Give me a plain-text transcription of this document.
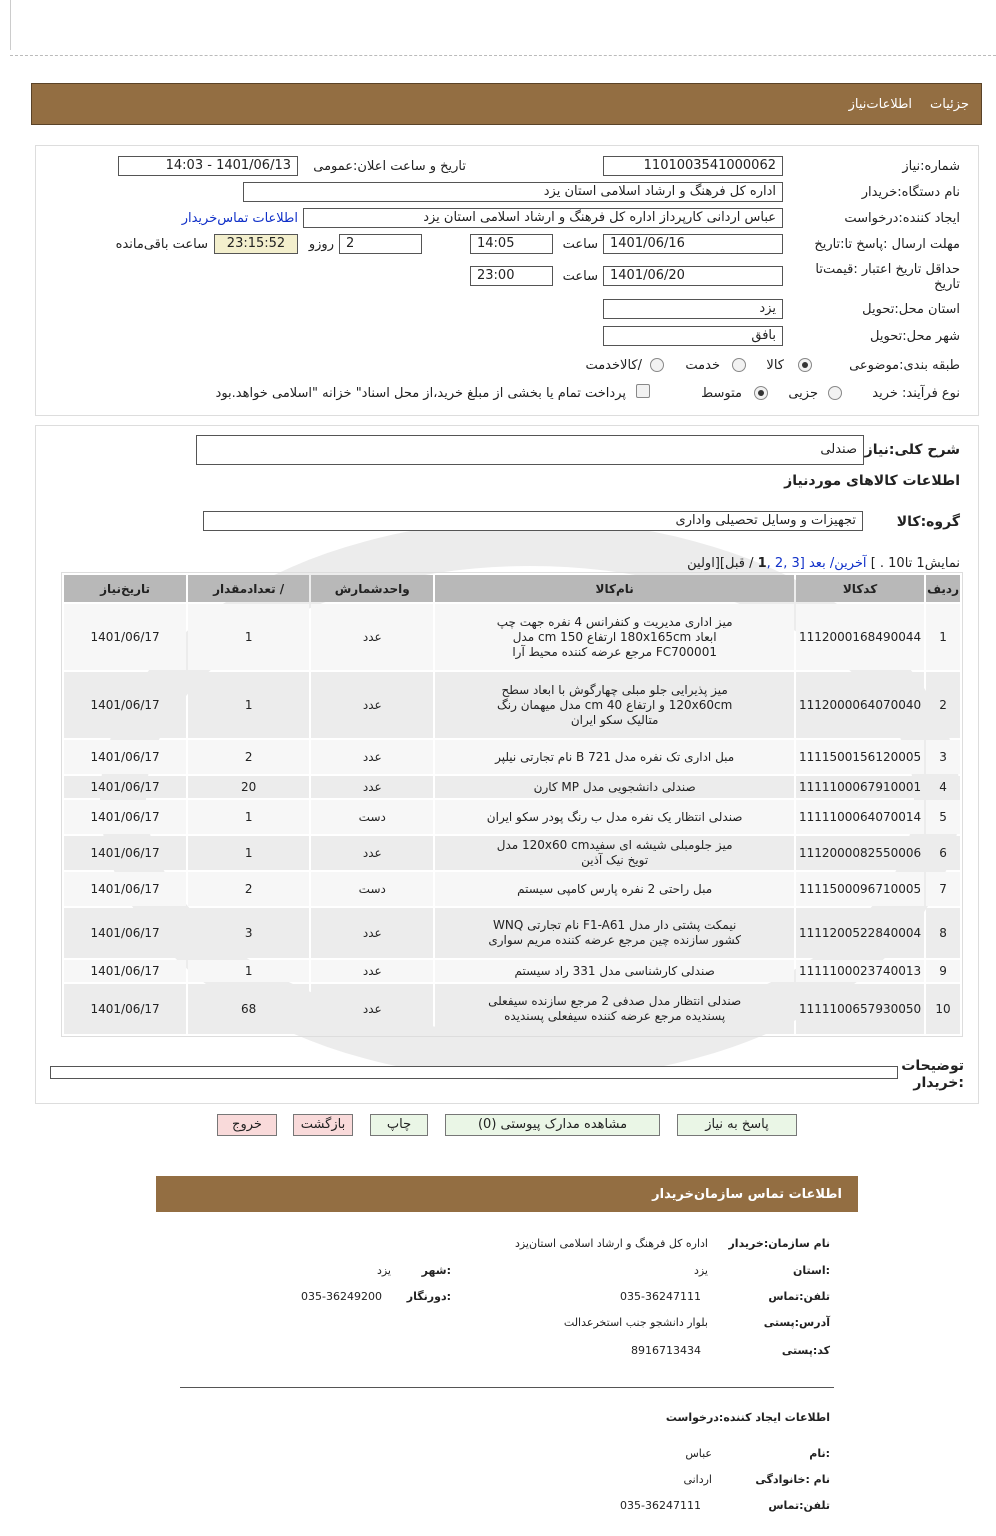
جزئیات
اطلاعات‌نیاز
شماره:نیاز
1101003541000062
تاریخ و ساعت اعلان:عمومی
1401/06/13 - 14:03
نام دستگاه:خریدار
اداره کل فرهنگ و ارشاد اسلامی استان یزد
ایجاد کننده:درخواست
عباس اردانی کارپرداز اداره کل فرهنگ و ارشاد اسلامی استان یزد
اطلاعات تماس‌خریدار
مهلت ارسال :پاسخ تا:تاریخ
1401/06/16
ساعت
14:05
2
روزو
23:15:52
ساعت باقی‌مانده
حداقل تاریخ اعتبار :قیمت‌تا تاریخ
1401/06/20
ساعت
23:00
استان محل:تحویل
یزد
شهر محل:تحویل
بافق
طبقه بندی:موضوعی
کالا
خدمت
/کالاخدمت
نوع فرآیند: خرید
جزیی
متوسط
پرداخت تمام یا بخشی از مبلغ خرید،از محل اسناد" خزانه "اسلامی خواهد.بود
شرح کلی:نیاز
صندلی
اطلاعات کالاهای موردنیاز
گروه:کالا
تجهیزات و وسایل تحصیلی واداری
نمایش1 تا10 . ] آخرین/ بعد [3 ,2 ,1 / قبل][اولین
ردیف	کدکالا	نام‌کالا	واحدشمارش	/ تعدادمقدار	تاریخ‌نیاز
1	1112000168490044	میز اداری مدیریت و کنفرانس 4 نفره جهت چپ ابعاد 180x165cm ارتفاع 150 cm مدل FC700001 مرجع عرضه کننده محیط آرا	عدد	1	1401/06/17
2	1112000064070040	میز پذیرایی جلو مبلی چهارگوش با ابعاد سطح 120x60cm و ارتفاع 40 cm مدل میهمان رنگ متالیک سکو ایران	عدد	1	1401/06/17
3	1111500156120005	مبل اداری تک نفره مدل B 721 نام تجارتی نیلپر	عدد	2	1401/06/17
4	1111100067910001	صندلی دانشجویی مدل MP کارن	عدد	20	1401/06/17
5	1111100064070014	صندلی انتظار یک نفره مدل ب رنگ پودر سکو ایران	دست	1	1401/06/17
6	1112000082550006	میز جلومبلی شیشه ای سفید120x60 cm مدل تویخ نیک آذین	عدد	1	1401/06/17
7	1111500096710005	مبل راحتی 2 نفره پارس کامپی سیستم	دست	2	1401/06/17
8	1111200522840004	نیمکت پشتی دار مدل F1-A61 نام تجارتی WNQ کشور سازنده چین مرجع عرضه کننده مریم سواری	عدد	3	1401/06/17
9	1111100023740013	صندلی کارشناسی مدل 331 راد سیستم	عدد	1	1401/06/17
10	1111100657930050	صندلی انتظار مدل صدفی 2 مرجع سازنده سیفعلی پسندیده مرجع عرضه کننده سیفعلی پسندیده	عدد	68	1401/06/17
توضیحات :خریدار
پاسخ به نیاز
مشاهده مدارک پیوستی (0)
چاپ
بازگشت
خروج
اطلاعات تماس سازمان‌خریدار
نام سازمان:خریدار
اداره کل فرهنگ و ارشاد اسلامی استان‌یزد
:استان
یزد
:شهر
یزد
تلفن:تماس
035-36247111
:دورنگار
035-36249200
آدرس:پستی
بلوار دانشجو جنب استخرعدالت
کد:پستی
8916713434
اطلاعات ایجاد کننده:درخواست
:نام
عباس
نام :خانوادگی
اردانی
تلفن:تماس
035-36247111
